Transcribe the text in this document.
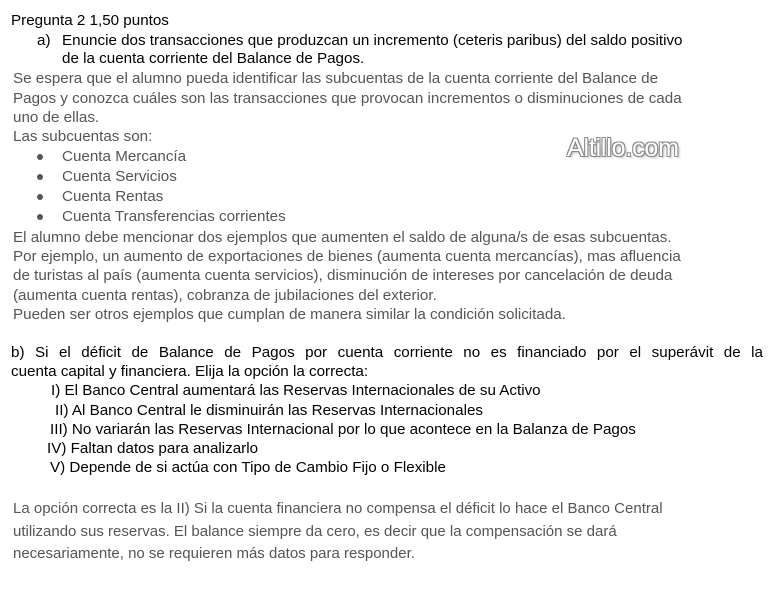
Pregunta 2 1,50 puntos
a) Enuncie dos transacciones que produzcan un incremento (ceteris paribus) del saldo positivo
de la cuenta corriente del Balance de Pagos.
Se espera que el alumno pueda identificar las subcuentas de la cuenta corriente del Balance de
Pagos y conozca cuáles son las transacciones que provocan incrementos o disminuciones de cada
uno de ellas.
Las subcuentas son:
Cuenta Mercancía
Cuenta Servicios
Cuenta Rentas
Cuenta Transferencias corrientes
Altillo.com
El alumno debe mencionar dos ejemplos que aumenten el saldo de alguna/s de esas subcuentas.
Por ejemplo, un aumento de exportaciones de bienes (aumenta cuenta mercancías), mas afluencia
de turistas al país (aumenta cuenta servicios), disminución de intereses por cancelación de deuda
(aumenta cuenta rentas), cobranza de jubilaciones del exterior.
Pueden ser otros ejemplos que cumplan de manera similar la condición solicitada.
b) Si el déficit de Balance de Pagos por cuenta corriente no es financiado por el superávit de la
cuenta capital y financiera. Elija la opción la correcta:
I) El Banco Central aumentará las Reservas Internacionales de su Activo
II) Al Banco Central le disminuirán las Reservas Internacionales
III) No variarán las Reservas Internacional por lo que acontece en la Balanza de Pagos
IV) Faltan datos para analizarlo
V) Depende de si actúa con Tipo de Cambio Fijo o Flexible
La opción correcta es la II) Si la cuenta financiera no compensa el déficit lo hace el Banco Central
utilizando sus reservas. El balance siempre da cero, es decir que la compensación se dará
necesariamente, no se requieren más datos para responder.
